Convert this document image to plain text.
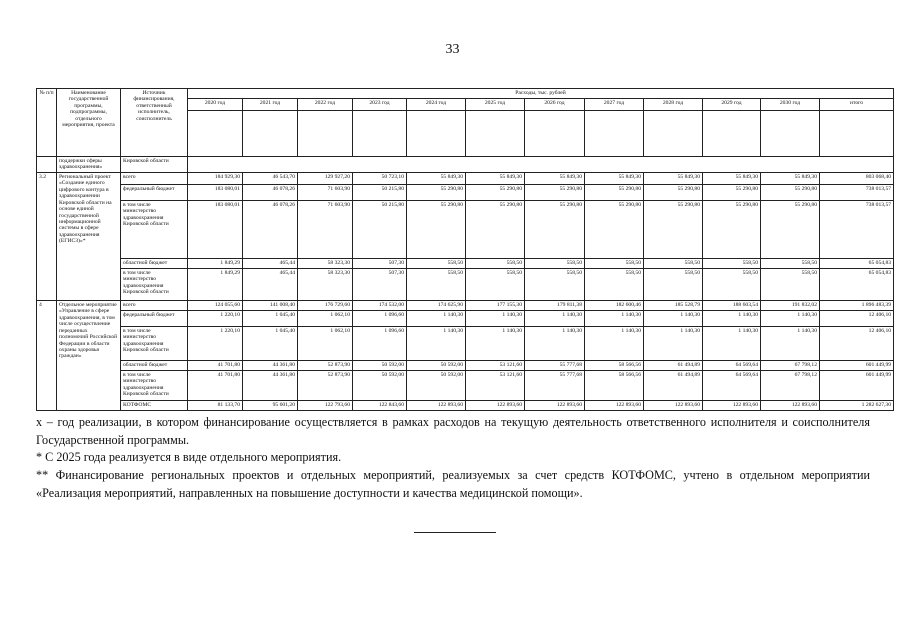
33
№ п/п	Наименование государственной программы, подпрограммы, отдельного мероприятия, проекта	Источник финансирования, ответственный исполнитель, соисполнитель	Расходы, тыс. рублей											
			2020 год	2021 год	2022 год	2023 год	2024 год	2025 год	2026 год	2027 год	2028 год	2029 год	2030 год	итого

	поддержки сферы здравоохранения»	Кировской области												
3.2	Региональный проект «Создание единого цифрового контура в здравоохранении Кировской области на основе единой государственной информационной системы в сфере здравоохранения (ЕГИСЗ)»*	всего	184 929,30	46 543,70	129 927,20	50 723,10	55 849,30	55 849,30	55 849,30	55 849,30	55 849,30	55 849,30	55 849,30	803 068,40
		федеральный бюджет	183 080,01	46 078,26	71 603,90	50 215,80	55 290,80	55 290,80	55 290,80	55 290,80	55 290,80	55 290,80	55 290,80	738 013,57
		в том числе министерство здравоохранения Кировской области	183 080,01	46 078,26	71 603,90	50 215,80	55 290,80	55 290,80	55 290,80	55 290,80	55 290,80	55 290,80	55 290,80	738 013,57
		областной бюджет	1 849,29	465,44	58 323,30	507,30	558,50	558,50	558,50	558,50	558,50	558,50	558,50	65 054,83
		в том числе министерство здравоохранения Кировской области	1 849,29	465,44	58 323,30	507,30	558,50	558,50	558,50	558,50	558,50	558,50	558,50	65 054,83
4	Отдельное мероприятие «Управление в сфере здравоохранения, в том числе осуществление переданных полномочий Российской Федерации в области охраны здоровья граждан»	всего	124 055,60	141 008,40	176 729,60	174 532,00	174 625,90	177 155,30	179 811,38	182 600,46	185 528,79	188 603,54	191 832,02	1 896 483,39
		федеральный бюджет	1 220,10	1 045,40	1 062,10	1 096,60	1 140,30	1 140,30	1 140,30	1 140,30	1 140,30	1 140,30	1 140,30	12 406,10
		в том числе министерство здравоохранения Кировской области	1 220,10	1 045,40	1 062,10	1 096,60	1 140,30	1 140,30	1 140,30	1 140,30	1 140,30	1 140,30	1 140,30	12 406,10
		областной бюджет	41 701,80	44 361,80	52 873,90	50 592,00	50 592,00	53 121,60	55 777,68	58 566,56	61 494,89	64 569,64	67 798,12	601 449,99
		в том числе министерство здравоохранения Кировской области	41 701,80	44 361,80	52 873,90	50 592,00	50 592,00	53 121,60	55 777,68	58 566,56	61 494,89	64 569,64	67 798,12	601 449,99
		КОТФОМС	81 133,70	95 601,20	122 793,60	122 843,60	122 893,60	122 893,60	122 893,60	122 893,60	122 893,60	122 893,60	122 893,60	1 282 627,30

х – год реализации, в котором финансирование осуществляется в рамках расходов на текущую деятельность ответственного исполнителя и соисполнителя Государственной программы.

* С 2025 года реализуется в виде отдельного мероприятия.

** Финансирование региональных проектов и отдельных мероприятий, реализуемых за счет средств КОТФОМС, учтено в отдельном мероприятии «Реализация мероприятий, направленных на повышение доступности и качества медицинской помощи».
